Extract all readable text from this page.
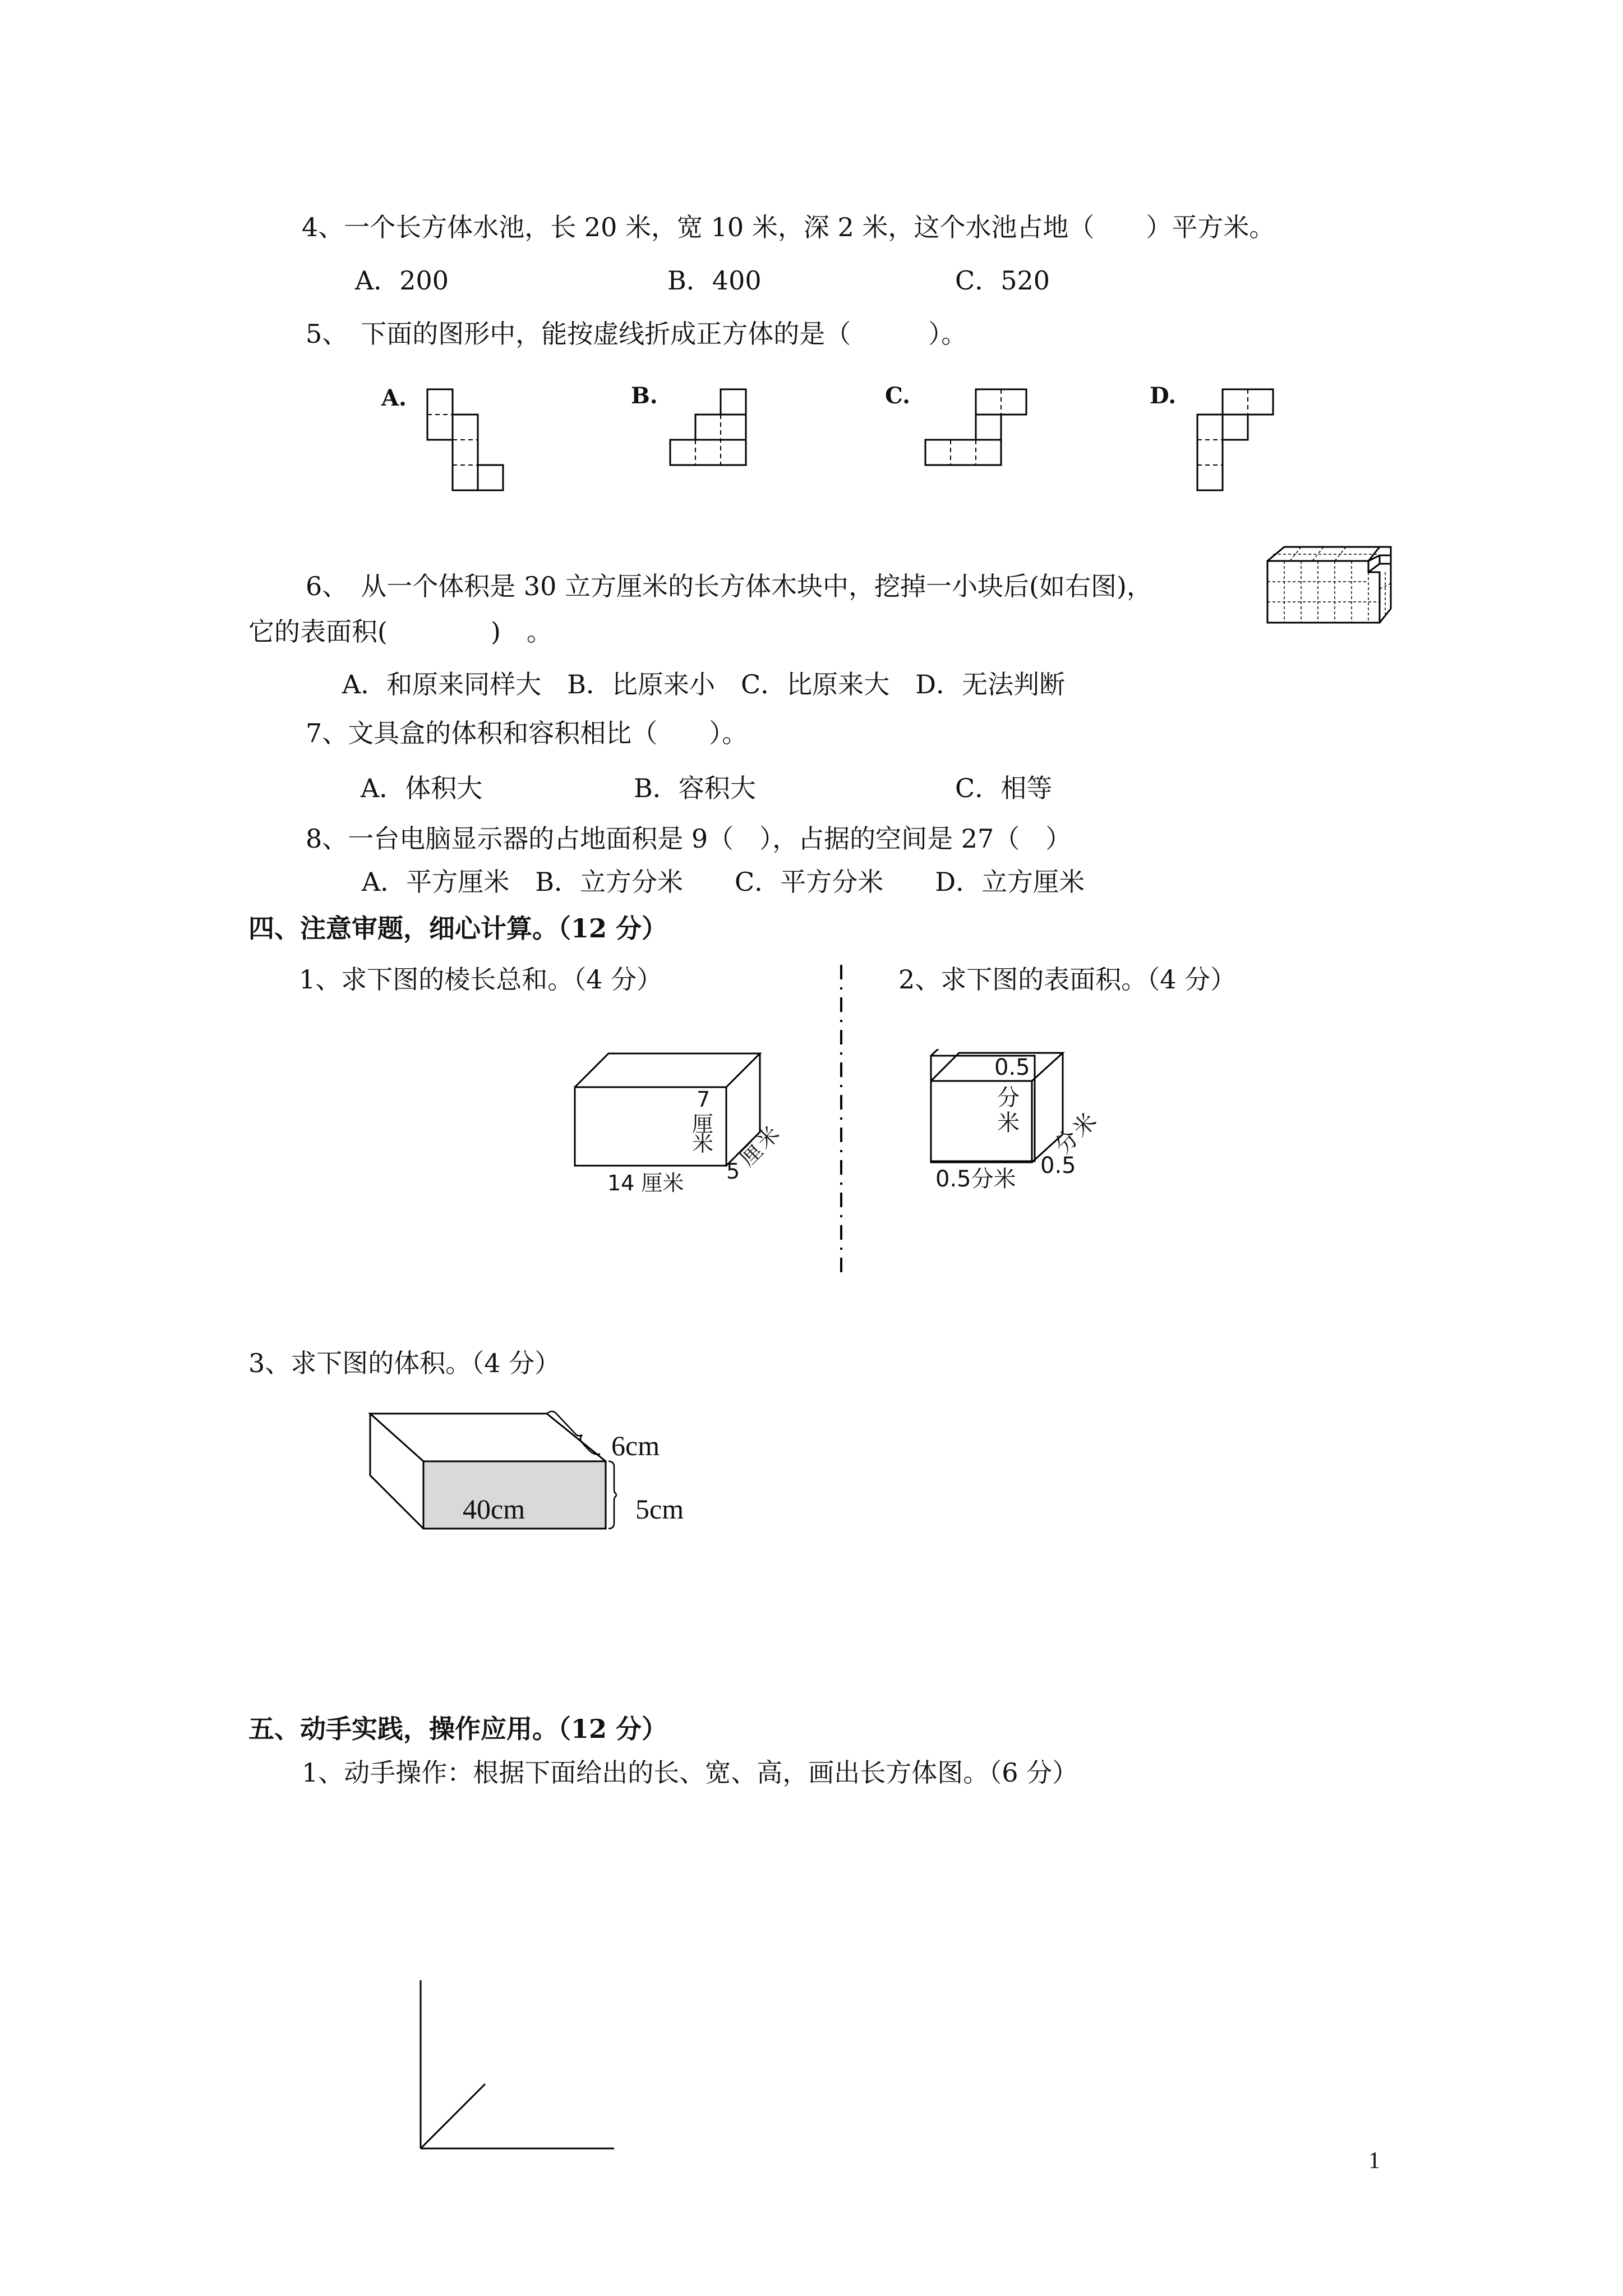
4、一个长方体水池，长 20 米，宽 10 米，深 2 米，这个水池占地（　　）平方米。
A．200	B．400	C．520
5、　下面的图形中，能按虚线折成正方体的是（　　　）。
A.	B.	C.	D.
6、　从一个体积是 30 立方厘米的长方体木块中，挖掉一小块后(如右图)，
它的表面积(　　　　)　。
A．和原来同样大　B．比原来小　C．比原来大　D．无法判断
7、文具盒的体积和容积相比（　　）。
A．体积大	B．容积大	C．相等
8、一台电脑显示器的占地面积是 9（　），占据的空间是 27（　）
A．平方厘米　B．立方分米　　C．平方分米　　D．立方厘米
四、注意审题，细心计算。（12 分）
1、求下图的棱长总和。（4 分）	2、求下图的表面积。（4 分）
7
厘
米
14 厘米 5
厘
米
0.5
分
米
0.5分米
0.5
分
米
3、求下图的体积。（4 分）
40cm
6cm
5cm
五、动手实践，操作应用。（12 分）
1、动手操作：根据下面给出的长、宽、高，画出长方体图。（6 分）
1
